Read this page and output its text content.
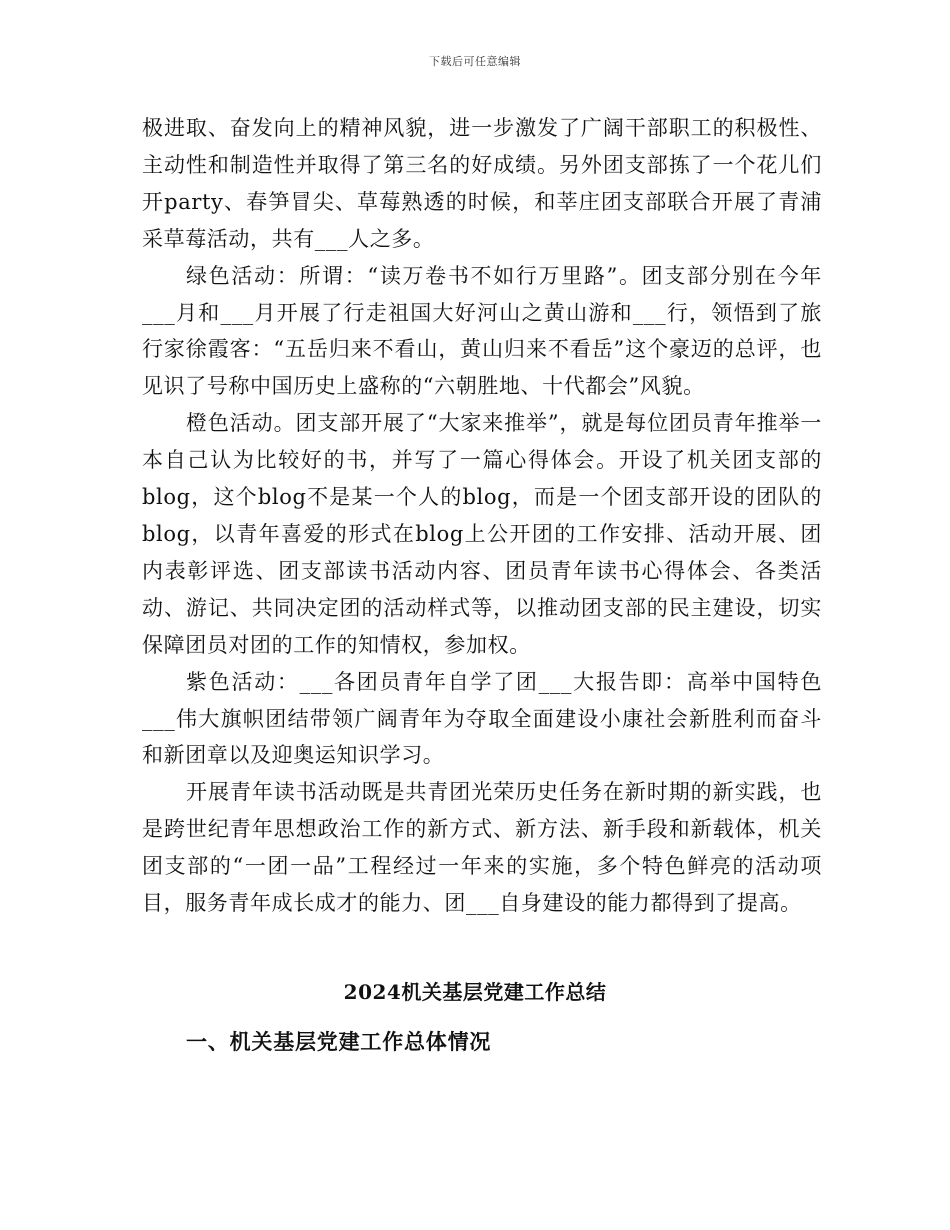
下载后可任意编辑

极进取、奋发向上的精神风貌，进一步激发了广阔干部职工的积极性、主动性和制造性并取得了第三名的好成绩。另外团支部拣了一个花儿们开party、春笋冒尖、草莓熟透的时候，和莘庄团支部联合开展了青浦采草莓活动，共有___人之多。

绿色活动：所谓：“读万卷书不如行万里路”。团支部分别在今年___月和___月开展了行走祖国大好河山之黄山游和___行，领悟到了旅行家徐霞客：“五岳归来不看山，黄山归来不看岳”这个豪迈的总评，也见识了号称中国历史上盛称的“六朝胜地、十代都会”风貌。

橙色活动。团支部开展了“大家来推举”，就是每位团员青年推举一本自己认为比较好的书，并写了一篇心得体会。开设了机关团支部的blog，这个blog不是某一个人的blog，而是一个团支部开设的团队的blog，以青年喜爱的形式在blog上公开团的工作安排、活动开展、团内表彰评选、团支部读书活动内容、团员青年读书心得体会、各类活动、游记、共同决定团的活动样式等，以推动团支部的民主建设，切实保障团员对团的工作的知情权，参加权。

紫色活动：___各团员青年自学了团___大报告即：高举中国特色___伟大旗帜团结带领广阔青年为夺取全面建设小康社会新胜利而奋斗和新团章以及迎奥运知识学习。

开展青年读书活动既是共青团光荣历史任务在新时期的新实践，也是跨世纪青年思想政治工作的新方式、新方法、新手段和新载体，机关团支部的“一团一品”工程经过一年来的实施，多个特色鲜亮的活动项目，服务青年成长成才的能力、团___自身建设的能力都得到了提高。

2024机关基层党建工作总结
一、机关基层党建工作总体情况
